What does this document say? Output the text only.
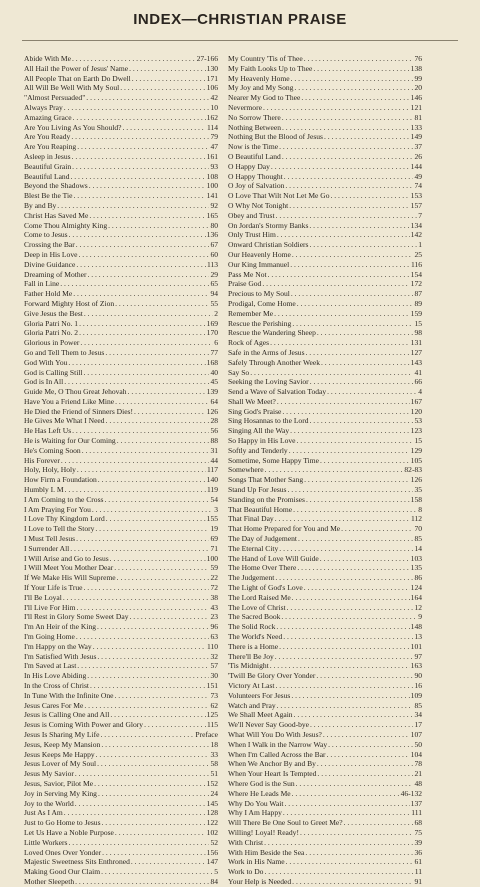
INDEX—CHRISTIAN PRAISE
Abide With Me . . .	27-166
All Hail the Power of Jesus' Name . . .	130
All People That on Earth Do Dwell . . .	171
All Will Be Well With My Soul . . .	106
"Almost Persuaded" . . .	42
Always Pray . . .	10
Amazing Grace . . .	162
Are You Living As You Should? . . .	114
Are You Ready . . .	79
Are You Reaping . . .	47
Asleep in Jesus . . .	161
Beautiful Grain . . .	93
Beautiful Land . . .	108
Beyond the Shadows . . .	100
Blest Be the Tie . . .	141
By and By . . .	92
Christ Has Saved Me . . .	165
Come Thou Almighty King . . .	80
Come to Jesus . . .	136
Crossing the Bar . . .	67
Deep in His Love . . .	60
Divine Guidance . . .	113
Dreaming of Mother . . .	29
Fall in Line . . .	65
Father Hold Me . . .	94
Forward Mighty Host of Zion . . .	55
Give Jesus the Best . . .	2
Gloria Patri No. 1 . . .	169
Gloria Patri No. 2 . . .	170
Glorious in Power . . .	6
Go and Tell Them to Jesus . . .	77
God With You . . .	168
God is Calling Still . . .	40
God is In All . . .	45
Guide Me, O Thou Great Jehovah . . .	139
Have You a Friend Like Mine . . .	64
He Died the Friend of Sinners Dies! . . .	126
He Gives Me What I Need . . .	28
He Has Left Us . . .	56
He is Waiting for Our Coming . . .	88
He's Coming Soon . . .	31
His Forever . . .	44
Holy, Holy, Holy . . .	117
How Firm a Foundation . . .	140
Humbly I. M . . .	119
I Am Coming to the Cross . . .	54
I Am Praying For You . . .	3
I Love Thy Kingdom Lord . . .	155
I Love to Tell the Story . . .	19
I Must Tell Jesus . . .	69
I Surrender All . . .	71
I Will Arise and Go to Jesus . . .	100
I Will Meet You Mother Dear . . .	59
If We Make His Will Supreme . . .	22
If Your Life is True . . .	72
I'll Be Loyal . . .	38
I'll Live For Him . . .	43
I'll Rest in Glory Some Sweet Day . . .	23
I'm An Heir of the King . . .	96
I'm Going Home . . .	63
I'm Happy on the Way . . .	110
I'm Satisfied With Jesus . . .	32
I'm Saved at Last . . .	57
In His Love Abiding . . .	30
In the Cross of Christ . . .	151
In Tune With the Infinite One . . .	73
Jesus Cares For Me . . .	62
Jesus is Calling One and All . . .	125
Jesus is Coming With Power and Glory . . .	115
Jesus Is Sharing My Life . . .	Preface
Jesus, Keep My Mansion . . .	18
Jesus Keeps Me Happy . . .	33
Jesus Lover of My Soul . . .	58
Jesus My Savior . . .	51
Jesus, Savior, Pilot Me . . .	152
Joy in Serving My King . . .	24
Joy to the World . . .	145
Just As I Am . . .	128
Just to Go Home to Jesus . . .	122
Let Us Have a Noble Purpose . . .	102
Little Workers . . .	52
Loved Ones Over Yonder . . .	156
Majestic Sweetness Sits Enthroned . . .	147
Making Good Our Claim . . .	5
Mother Sleepeth . . .	84
My Country 'Tis of Thee . . .	76
My Faith Looks Up to Thee . . .	138
My Heavenly Home . . .	99
My Joy and My Song . . .	20
Nearer My God to Thee . . .	146
Nevermore . . .	121
No Sorrow There . . .	81
Nothing Between . . .	133
Nothing But the Blood of Jesus . . .	149
Now is the Time . . .	37
O Beautiful Land . . .	26
O Happy Day . . .	144
O Happy Thought . . .	49
O Joy of Salvation . . .	74
O Love That Wilt Not Let Me Go . . .	153
O Why Not Tonight . . .	157
Obey and Trust . . .	7
On Jordan's Stormy Banks . . .	134
Only Trust Him . . .	142
Onward Christian Soldiers . . .	1
Our Heavenly Home . . .	25
Our King Immanuel . . .	116
Pass Me Not . . .	154
Praise God . . .	172
Precious to My Soul . . .	87
Prodigal, Come Home . . .	89
Remember Me . . .	159
Rescue the Perishing . . .	15
Rescue the Wandering Sheep . . .	98
Rock of Ages . . .	131
Safe in the Arms of Jesus . . .	127
Safely Through Another Week . . .	143
Say So . . .	41
Seeking the Loving Savior . . .	66
Send a Wave of Salvation Today . . .	4
Shall We Meet? . . .	167
Sing God's Praise . . .	120
Sing Hosannas to the Lord . . .	53
Singing All the Way . . .	123
So Happy in His Love . . .	15
Softly and Tenderly . . .	129
Sometime, Some Happy Time . . .	105
Somewhere . . .	82-83
Songs That Mother Sang . . .	126
Stand Up For Jesus . . .	35
Standing on the Promises . . .	158
That Beautiful Home . . .	8
That Final Day . . .	112
That Home Prepared for You and Me . . .	70
The Day of Judgement . . .	85
The Eternal City . . .	14
The Hand of Love Will Guide . . .	103
The Home Over There . . .	135
The Judgement . . .	86
The Light of God's Love . . .	124
The Lord Raised Me . . .	164
The Love of Christ . . .	12
The Sacred Book . . .	9
The Solid Rock . . .	148
The World's Need . . .	13
There is a Home . . .	101
There'll Be Joy . . .	97
'Tis Midnight . . .	163
'Twill Be Glory Over Yonder . . .	90
Victory At Last . . .	16
Volunteers For Jesus . . .	109
Watch and Pray . . .	85
We Shall Meet Again . . .	34
We'll Never Say Good-bye . . .	17
What Will You Do With Jesus? . . .	107
When I Walk in the Narrow Way . . .	50
When I'm Called Across the Bar . . .	104
When We Anchor By and By . . .	78
When Your Heart Is Tempted . . .	21
Where God is the Sun . . .	48
Where He Leads Me . . .	46-132
Why Do You Wait . . .	137
Why I Am Happy . . .	111
Will There Be One Soul to Greet Me? . . .	68
Willing! Loyal! Ready! . . .	75
With Christ . . .	39
With Him Beside the Sea . . .	36
Work in His Name . . .	61
Work to Do . . .	11
Your Help is Needed . . .	91
